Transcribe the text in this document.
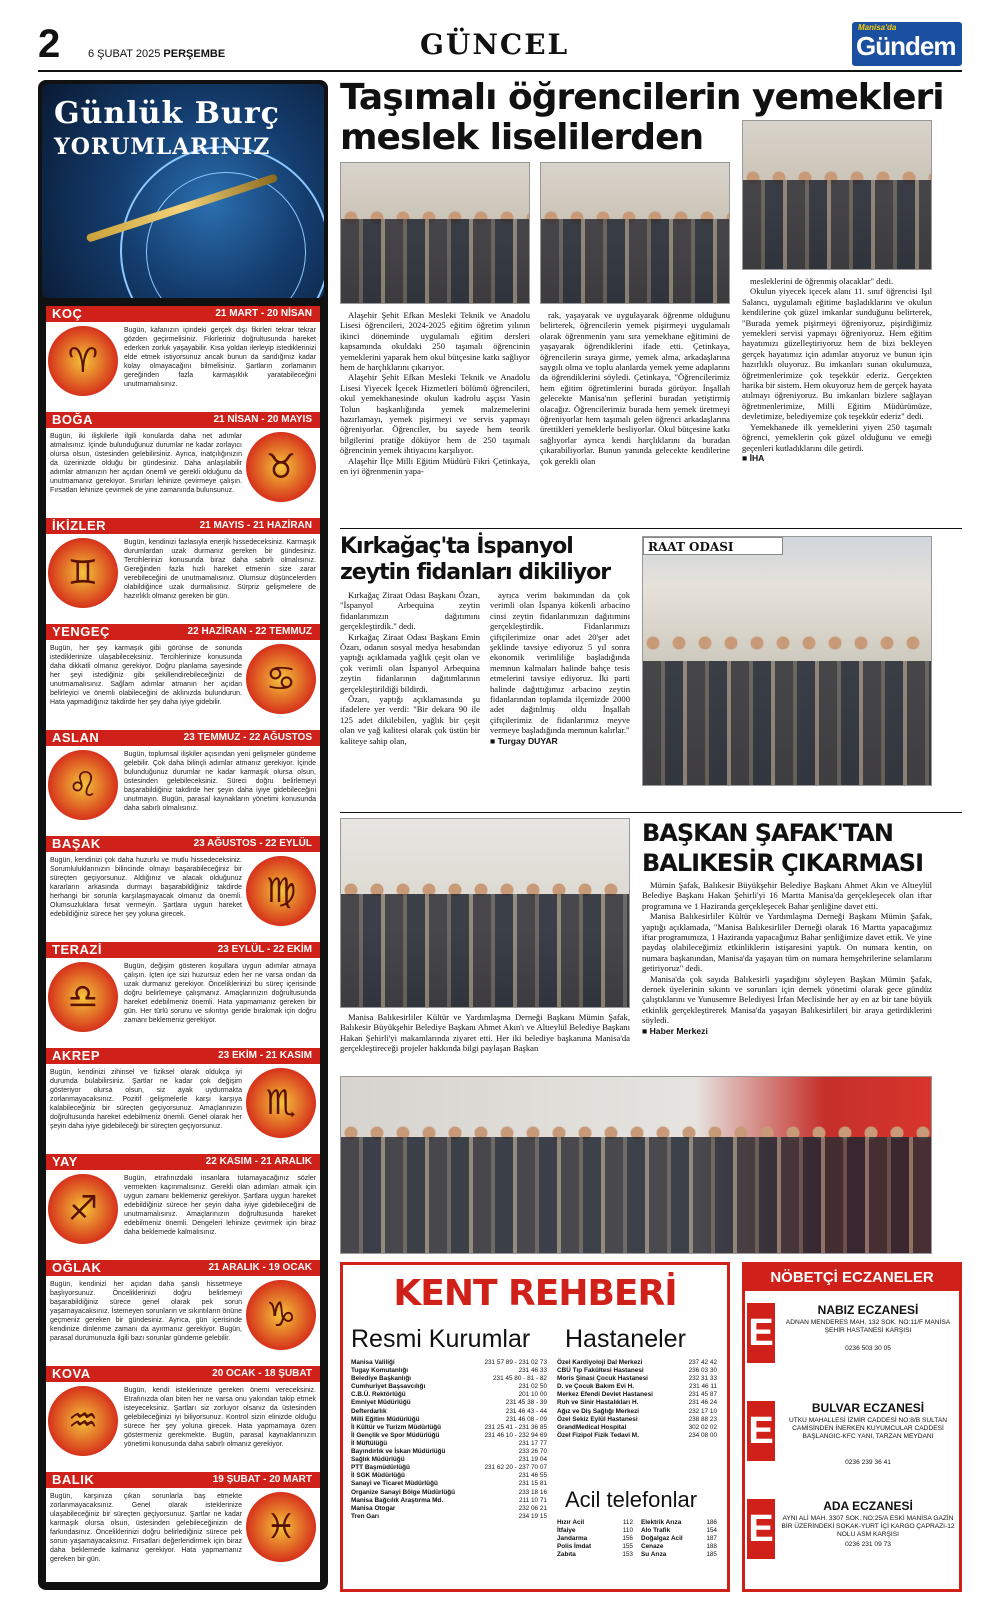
2	6 ŞUBAT 2025 PERŞEMBE	GÜNCEL
Manisa'da
Gündem
Günlük Burç
YORUMLARINIZ
KOÇ	21 MART - 20 NİSAN
♈
Bugün, kafanızın içindeki gerçek dışı fikirleri tekrar tekrar gözden geçirmelisiniz. Fikirleriniz doğrultusunda hareket ederken zorluk yaşayabilir. Kısa yoldan ilerleyip istediklerinizi elde etmek istiyorsunuz ancak bunun da sandığınız kadar kolay olmayacağını bilmelisiniz. Şartların zorlamanın gereğinden fazla karmaşıklık yaratabileceğini unutmamalısınız.
BOĞA	21 NİSAN - 20 MAYIS
♉
Bugün, iki ilişkilerle ilgili konularda daha net adımlar atmalısınız. İçinde bulunduğunuz durumlar ne kadar zorlayıcı olursa olsun, üstesinden gelebilirsiniz. Ayrıca, inatçılığınızın da üzerinizde olduğu bir gündesiniz. Daha anlaşılabilir adımlar atmanızın her açıdan önemli ve gerekli olduğunu da unutmamanız gerekiyor. Sınırları lehinize çevirmeye çalışın. Fırsatları lehinize çevirmek de yine zamanında bulunsunuz.
İKİZLER	21 MAYIS - 21 HAZİRAN
♊
Bugün, kendinizi fazlasıyla enerjik hissedeceksiniz. Karmaşık durumlardan uzak durmanız gereken bir gündesiniz. Tercihlerinizi konusunda biraz daha sabırlı olmalısınız. Gereğinden fazla hızlı hareket etmenin size zarar verebileceğini de unutmamalısınız. Olumsuz düşüncelerden olabildiğince uzak durmalısınız. Sürpriz gelişmelere de hazırlıklı olmanız gereken bir gün.
YENGEÇ	22 HAZİRAN - 22 TEMMUZ
♋
Bugün, her şey karmaşık gibi görünse de sonunda istediklerinize ulaşabileceksiniz. Tercihlerinize konusunda daha dikkatli olmanız gerekiyor. Doğru planlama sayesinde her şeyi istediğiniz gibi şekillendirebileceğinizi de unutmamalısınız. Sağlam adımlar atmanın her açıdan belirleyici ve önemli olabileceğini de aklınızda bulundurun. Hata yapmadığınız takdirde her şey daha iyiye gidebilir.
ASLAN	23 TEMMUZ - 22 AĞUSTOS
♌
Bugün, toplumsal ilişkiler açısından yeni gelişmeler gündeme gelebilir. Çok daha bilinçli adımlar atmanız gerekiyor. İçinde bulunduğunuz durumlar ne kadar karmaşık olursa olsun, üstesinden gelebileceksiniz. Süreci doğru belirlemeyi başarabildiğiniz takdirde her şeyin daha iyiye gidebileceğini unutmayın. Bugün, parasal kaynakların yönetimi konusunda daha sabırlı olmalısınız.
BAŞAK	23 AĞUSTOS - 22 EYLÜL
♍
Bugün, kendinizi çok daha huzurlu ve mutlu hissedeceksiniz. Sorumluluklarınızın bilincinde olmayı başarabileceğiniz bir süreçten geçiyorsunuz. Aldığınız ve alacak olduğunuz kararların arkasında durmayı başarabildiğiniz takdirde herhangi bir sorunla karşılaşmayacak olmanız da önemli. Olumsuzluklara fırsat vermeyin. Şartlara uygun hareket edebildiğiniz sürece her şey yoluna girecek.
TERAZİ	23 EYLÜL - 22 EKİM
♎
Bugün, değişim gösteren koşullara uygun adımlar atmaya çalışın. İçten içe sizi huzursuz eden her ne varsa ondan da uzak durmanız gerekiyor. Önceliklerinizi bu süreç içerisinde doğru belirlemeye çalışmanız. Amaçlarınızın doğrultusunda hareket edebilmeniz önemli. Hata yapmamanız gereken bir gün. Her türlü sorunu ve sıkıntıyı geride bırakmak için doğru zamanı beklemeniz gerekiyor.
AKREP	23 EKİM - 21 KASIM
♏
Bugün, kendinizi zihinsel ve fiziksel olarak oldukça iyi durumda bulabilirsiniz. Şartlar ne kadar çok değişim gösteriyor olursa olsun, siz ayak uydurmakta zorlanmayacaksınız. Pozitif gelişmelerle karşı karşıya kalabileceğiniz bir süreçten geçiyorsunuz. Amaçlarınızın doğrultusunda hareket edebilmeniz önemli. Genel olarak her şeyin daha iyiye gidebileceği bir süreçten geçiyorsunuz.
YAY	22 KASIM - 21 ARALIK
♐
Bugün, etrafınızdaki insanlara tutamayacağınız sözler vermekten kaçınmalısınız. Gerekli olan adımları atmak için uygun zamanı beklemeniz gerekiyor. Şartlara uygun hareket edebildiğiniz sürece her şeyin daha iyiye gidebileceğini de unutmamalısınız. Amaçlarınızın doğrultusunda hareket edebilmeniz önemli. Dengeleri lehinize çevirmek için biraz daha beklemede kalmalısınız.
OĞLAK	21 ARALIK - 19 OCAK
♑
Bugün, kendinizi her açıdan daha şanslı hissetmeye başlıyorsunuz. Önceliklerinizi doğru belirlemeyi başarabildiğiniz sürece genel olarak pek sorun yaşamayacaksınız. İstemeyen sorunların ve sıkıntıların önüne geçmeniz gereken bir gündesiniz. Ayrıca, gün içerisinde kendinize dinlenme zamanı da ayırmanız gerekiyor. Bugün, parasal durumunuzla ilgili bazı sorunlar gündeme gelebilir.
KOVA	20 OCAK - 18 ŞUBAT
♒
Bugün, kendi isteklerinize gereken önemi vereceksiniz. Etrafınızda olan biten her ne varsa onu yakından takip etmek isteyeceksiniz. Şartları siz zorluyor olsanız da üstesinden gelebileceğinizi iyi biliyorsunuz. Kontrol sizin elinizde olduğu sürece her şey yoluna girecek. Hata yapmamaya özen göstermeniz gerekmekte. Bugün, parasal kaynaklarınızın yönetimi konusunda daha sabırlı olmanız gerekiyor.
BALIK	19 ŞUBAT - 20 MART
♓
Bugün, karşınıza çıkan sorunlarla baş etmekte zorlanmayacaksınız. Genel olarak isteklerinize ulaşabileceğiniz bir süreçten geçiyorsunuz. Şartlar ne kadar karmaşık olursa olsun, üstesinden gelebileceğinizin de farkındasınız. Önceliklerinizi doğru belirlediğiniz sürece pek sorun yaşamayacaksınız. Fırsatları değerlendirmek için biraz daha beklemede kalmanız gerekiyor. Hata yapmamanız gereken bir gün.
Taşımalı öğrencilerin yemekleri
meslek liselilerden

Alaşehir Şehit Efkan Mesleki Teknik ve Anadolu Lisesi öğrencileri, 2024-2025 eğitim öğretim yılının ikinci döneminde uygulamalı eğitim dersleri kapsamında okuldaki 250 taşımalı öğrencinin yemeklerini yaparak hem okul bütçesine katkı sağlıyor hem de harçlıklarını çıkarıyor.

Alaşehir Şehit Efkan Mesleki Teknik ve Anadolu Lisesi Yiyecek İçecek Hizmetleri bölümü öğrencileri, okul yemekhanesinde okulun kadrolu aşçısı Yasin Tolun başkanlığında yemek malzemelerini hazırlamayı, yemek pişirmeyi ve servis yapmayı öğreniyorlar. Öğrenciler, bu sayede hem teorik bilgilerini pratiğe döküyor hem de 250 taşımalı öğrencinin yemek ihtiyacını karşılıyor.

Alaşehir İlçe Milli Eğitim Müdürü Fikri Çetinkaya, en iyi öğrenmenin yapa-

rak, yaşayarak ve uygulayarak öğrenme olduğunu belirterek, öğrencilerin yemek pişirmeyi uygulamalı olarak öğrenmenin yanı sıra yemekhane eğitimini de yaşayarak öğrendiklerini ifade etti. Çetinkaya, öğrencilerin sıraya girme, yemek alma, arkadaşlarına saygılı olma ve toplu alanlarda yemek yeme adaplarını da öğrendiklerini söyledi. Çetinkaya, "Öğrencilerimiz hem eğitim öğretimlerini burada görüyor. İnşallah gelecekte Manisa'nın şeflerini buradan yetiştirmiş olacağız. Öğrencilerimiz burada hem yemek üretmeyi öğreniyorlar hem taşımalı gelen öğrenci arkadaşlarına ürettikleri yemeklerle besliyorlar. Okul bütçesine katkı sağlıyorlar ayrıca kendi harçlıklarını da buradan çıkarabiliyorlar. Bunun yanında gelecekte kendilerine çok gerekli olan

mesleklerini de öğrenmiş olacaklar" dedi.

Okulun yiyecek içecek alanı 11. sınıf öğrencisi Işıl Salancı, uygulamalı eğitime başladıklarını ve okulun kendilerine çok güzel imkanlar sunduğunu belirterek, "Burada yemek pişirmeyi öğreniyoruz, pişirdiğimiz yemekleri servisi yapmayı öğreniyoruz. Hem eğitim hayatımızı güzelleştiriyoruz hem de bizi bekleyen gerçek hayatımız için adımlar atıyoruz ve bunun için hazırlıklı oluyoruz. Bu imkanları sunan okulumuza, öğretmenlerimize çok teşekkür ederiz. Gerçekten harika bir sistem. Hem okuyoruz hem de gerçek hayata atılmayı öğreniyoruz. Bu imkanları bizlere sağlayan öğretmenlerimize, Milli Eğitim Müdürümüze, devletimize, belediyemize çok teşekkür ederiz" dedi.

Yemekhanede ilk yemeklerini yiyen 250 taşımalı öğrenci, yemeklerin çok güzel olduğunu ve emeği geçenleri kutladıklarını dile getirdi.

■ İHA
Kırkağaç'ta İspanyol
zeytin fidanları dikiliyor
RAAT ODASI

Kırkağaç Ziraat Odası Başkanı Özarı, "İspanyol Arbequina zeytin fidanlarımızın dağıtımını gerçekleştirdik." dedi.

Kırkağaç Ziraat Odası Başkanı Emin Özarı, odanın sosyal medya hesabından yaptığı açıklamada yağlık çeşit olan ve çok verimli olan İspanyol Arbequina zeytin fidanlarının dağıtımlarının gerçekleştirildiği bildirdi.

Özarı, yaptığı açıklamasında şu ifadelere yer verdi: "Bir dekara 90 ile 125 adet dikilebilen, yağlık bir çeşit olan ve yağ kalitesi olarak çok üstün bir kaliteye sahip olan,

ayrıca verim bakımından da çok verimli olan İspanya kökenli arbacino cinsi zeytin fidanlarımızın dağıtımını gerçekleştirdik. Fidanlarımızı çiftçilerimize onar adet 20'şer adet şeklinde tavsiye ediyoruz 5 yıl sonra ekonomik verimliliğe başladığında memnun kalmaları halinde bahçe tesis etmelerini tavsiye ediyoruz. İki parti halinde dağıttığımız arbacino zeytin fidanlarından toplamda ilçemizde 2000 adet dağıtılmış oldu İnşallah çiftçilerimiz de fidanlarımız meyve vermeye başladığında memnun kalırlar."

■ Turgay DUYAR
BAŞKAN ŞAFAK'TAN
BALIKESİR ÇIKARMASI

Manisa Balıkesirliler Kültür ve Yardımlaşma Derneği Başkanı Mümin Şafak, Balıkesir Büyükşehir Belediye Başkanı Ahmet Akın'ı ve Altıeylül Belediye Başkanı Hakan Şehirli'yi makamlarında ziyaret etti. Her iki belediye başkanına Manisa'da gerçekleştireceği projeler hakkında bilgi paylaşan Başkan

Mümin Şafak, Balıkesir Büyükşehir Belediye Başkanı Ahmet Akın ve Altıeylül Belediye Başkanı Hakan Şehirli'yi 16 Martta Manisa'da gerçekleşecek olan iftar programına ve 1 Haziranda gerçekleşecek Bahar şenliğine davet etti.

Manisa Balıkesirliler Kültür ve Yardımlaşma Derneği Başkanı Mümin Şafak, yaptığı açıklamada, "Manisa Balıkesirliler Derneği olarak 16 Martta yapacağımız iftar programımıza, 1 Haziranda yapacağımız Bahar şenliğimize davet ettik. Ve yine paydaş olabileceğimiz etkinliklerin istişaresini yaptık. On numara kentin, on numara başkanından, Manisa'da yaşayan tüm on numara hemşehrilerine selamlarını getiriyoruz" dedi.

Manisa'da çok sayıda Balıkesirli yaşadığını söyleyen Başkan Mümin Şafak, dernek üyelerinin sıkıntı ve sorunları için dernek yönetimi olarak gece gündüz çalıştıklarını ve Yunusemre Belediyesi İrfan Meclisinde her ay en az bir tane büyük etkinlik gerçekleştirerek Manisa'da yaşayan Balıkesirlileri bir araya getirdiklerini söyledi.

■ Haber Merkezi
KENT REHBERİ
Resmi Kurumlar Hastaneler
Manisa Valiliği	231 57 89 - 231 02 73
Tugay Komutanlığı	231 46 33
Belediye Başkanlığı	231 45 80 - 81 - 82
Cumhuriyet Başsavcılığı	231 02 50
C.B.Ü. Rektörlüğü	201 10 00
Emniyet Müdürlüğü	231 45 38 - 39
Defterdarlık	231 46 43 - 44
Milli Eğitim Müdürlüğü	231 46 08 - 09
İl Kültür ve Turizm Müdürlüğü	231 25 41 - 231 36 85
İl Gençlik ve Spor Müdürlüğü	231 46 10 - 232 94 69
İl Müftülüğü	231 17 77
Bayındırlık ve İskan Müdürlüğü	233 26 70
Sağlık Müdürlüğü	231 19 04
PTT Başmüdürlüğü	231 62 20 - 237 70 07
İl SGK Müdürlüğü	231 46 55
Sanayi ve Ticaret Müdürlüğü	231 15 81
Organize Sanayi Bölge Müdürlüğü	233 18 16
Manisa Bağcılık Araştırma Md.	211 10 71
Manisa Otogar	232 06 21
Tren Garı	234 19 15
Özel Kardiyoloji Dal Merkezi	237 42 42
CBÜ Tıp Fakültesi Hastanesi	236 03 30
Moris Şinasi Çocuk Hastanesi	232 31 33
D. ve Çocuk Bakım Evi H.	231 46 11
Merkez Efendi Devlet Hastanesi	231 45 87
Ruh ve Sinir Hastalıkları H.	231 46 24
Ağız ve Diş Sağlığı Merkezi	232 17 10
Özel Sekiz Eylül Hastanesi	238 88 23
GrandMedical Hospital	302 02 02
Özel Fizipol Fizik Tedavi M.	234 08 00
Acil telefonlar
Hızır Acil	112 Elektrik Arıza	186
İtfaiye	110 Alo Trafik	154
Jandarma	156 Doğalgaz Acil	187
Polis İmdat	155 Cenaze	188
Zabıta	153 Su Arıza	185
NÖBETÇİ ECZANELER
E
NABIZ ECZANESİ
ADNAN MENDERES MAH. 132 SOK. NO:11/F MANİSA ŞEHİR HASTANESİ KARŞISI
0236 503 30 05
E
BULVAR ECZANESİ
UTKU MAHALLESİ İZMİR CADDESİ NO:8/B SULTAN CAMİSİNDEN İNERKEN KUYUMCULAR CADDESİ BAŞLANGIC-KFC YANI, TARZAN MEYDANI
0236 239 36 41
E
ADA ECZANESİ
AYNI ALİ MAH. 3307 SOK. NO:25/A ESKİ MANİSA GAZİN BİR ÜZERİNDEKİ SOKAK-YURT İÇİ KARGO ÇAPRAZI-12 NOLU ASM KARŞISI
0236 231 09 73
